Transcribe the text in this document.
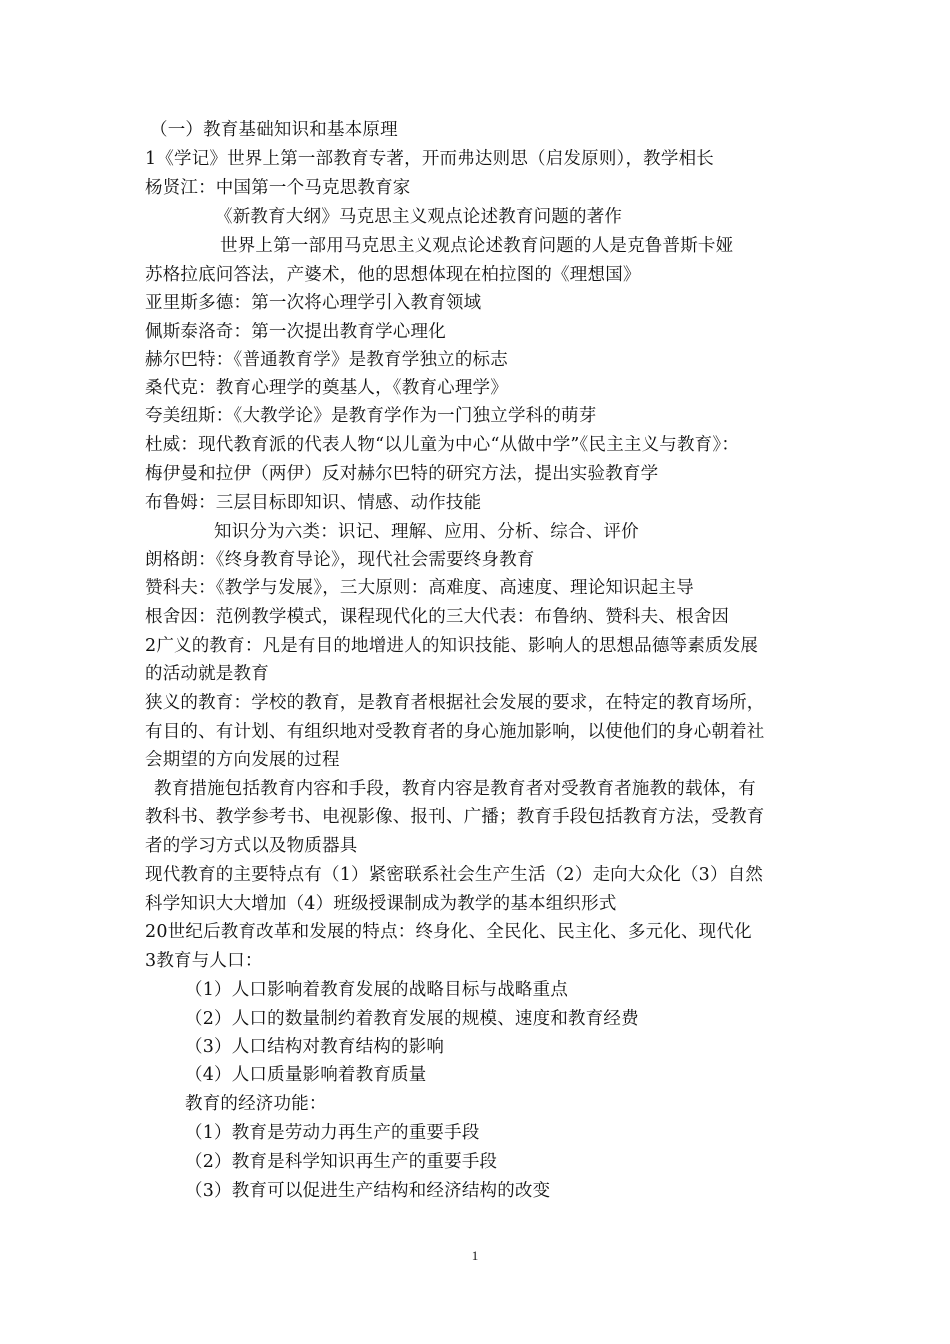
（一）教育基础知识和基本原理
1《学记》世界上第一部教育专著，开而弗达则思（启发原则），教学相长
杨贤江：中国第一个马克思教育家
《新教育大纲》马克思主义观点论述教育问题的著作
世界上第一部用马克思主义观点论述教育问题的人是克鲁普斯卡娅
苏格拉底问答法，产婆术，他的思想体现在柏拉图的《理想国》
亚里斯多德：第一次将心理学引入教育领域
佩斯泰洛奇：第一次提出教育学心理化
赫尔巴特：《普通教育学》是教育学独立的标志
桑代克：教育心理学的奠基人，《教育心理学》
夸美纽斯：《大教学论》是教育学作为一门独立学科的萌芽
杜威：现代教育派的代表人物“以儿童为中心“从做中学”《民主主义与教育》：
梅伊曼和拉伊（两伊）反对赫尔巴特的研究方法，提出实验教育学
布鲁姆：三层目标即知识、情感、动作技能
知识分为六类：识记、理解、应用、分析、综合、评价
朗格朗：《终身教育导论》，现代社会需要终身教育
赞科夫：《教学与发展》，三大原则：高难度、高速度、理论知识起主导
根舍因：范例教学模式，课程现代化的三大代表：布鲁纳、赞科夫、根舍因
2广义的教育：凡是有目的地增进人的知识技能、影响人的思想品德等素质发展
的活动就是教育
狭义的教育：学校的教育，是教育者根据社会发展的要求，在特定的教育场所，
有目的、有计划、有组织地对受教育者的身心施加影响，以使他们的身心朝着社
会期望的方向发展的过程
教育措施包括教育内容和手段，教育内容是教育者对受教育者施教的载体，有
教科书、教学参考书、电视影像、报刊、广播；教育手段包括教育方法，受教育
者的学习方式以及物质器具
现代教育的主要特点有（1）紧密联系社会生产生活（2）走向大众化（3）自然
科学知识大大增加（4）班级授课制成为教学的基本组织形式
20世纪后教育改革和发展的特点：终身化、全民化、民主化、多元化、现代化
3教育与人口：
（1）人口影响着教育发展的战略目标与战略重点
（2）人口的数量制约着教育发展的规模、速度和教育经费
（3）人口结构对教育结构的影响
（4）人口质量影响着教育质量
教育的经济功能：
（1）教育是劳动力再生产的重要手段
（2）教育是科学知识再生产的重要手段
（3）教育可以促进生产结构和经济结构的改变
1
